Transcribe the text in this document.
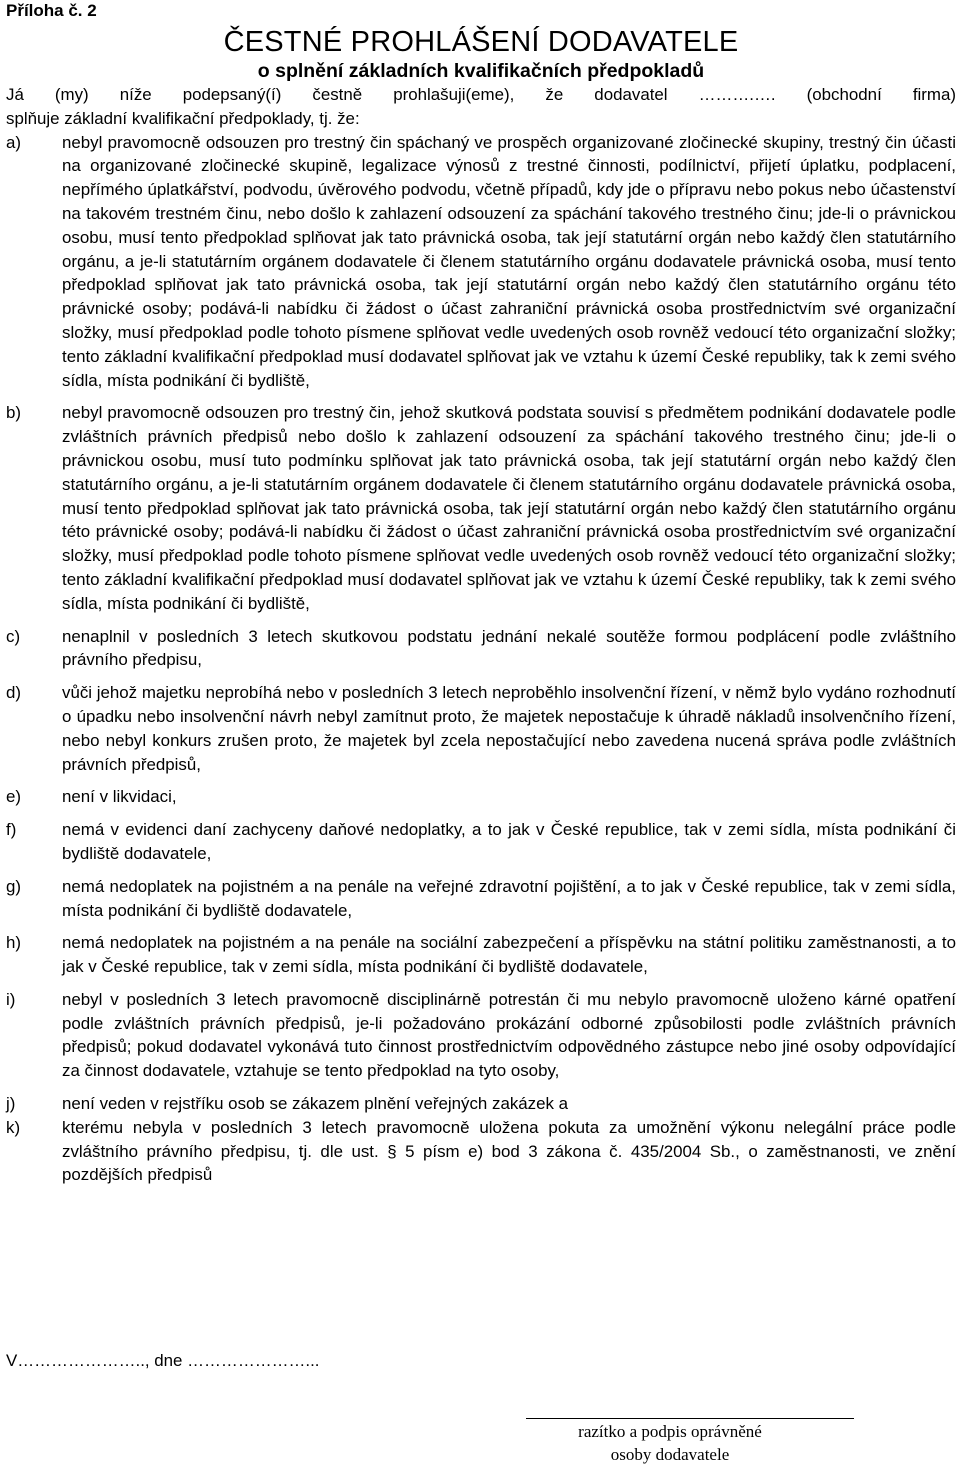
Příloha č. 2
ČESTNÉ PROHLÁŠENÍ DODAVATELE
o splnění základních kvalifikačních předpokladů
Já (my) níže podepsaný(í) čestně prohlašuji(eme), že dodavatel ……….…. (obchodní firma)
splňuje základní kvalifikační předpoklady, tj. že:
a)	nebyl pravomocně odsouzen pro trestný čin spáchaný ve prospěch organizované zločinecké skupiny, trestný čin účasti na organizované zločinecké skupině, legalizace výnosů z trestné činnosti, podílnictví, přijetí úplatku, podplacení, nepřímého úplatkářství, podvodu, úvěrového podvodu, včetně případů, kdy jde o přípravu nebo pokus nebo účastenství na takovém trestném činu, nebo došlo k zahlazení odsouzení za spáchání takového trestného činu; jde-li o právnickou osobu, musí tento předpoklad splňovat jak tato právnická osoba, tak její statutární orgán nebo každý člen statutárního orgánu, a je-li statutárním orgánem dodavatele či členem statutárního orgánu dodavatele právnická osoba, musí tento předpoklad splňovat jak tato právnická osoba, tak její statutární orgán nebo každý člen statutárního orgánu této právnické osoby; podává-li nabídku či žádost o účast zahraniční právnická osoba prostřednictvím své organizační složky, musí předpoklad podle tohoto písmene splňovat vedle uvedených osob rovněž vedoucí této organizační složky; tento základní kvalifikační předpoklad musí dodavatel splňovat jak ve vztahu k území České republiky, tak k zemi svého sídla, místa podnikání či bydliště,
b)	nebyl pravomocně odsouzen pro trestný čin, jehož skutková podstata souvisí s předmětem podnikání dodavatele podle zvláštních právních předpisů nebo došlo k zahlazení odsouzení za spáchání takového trestného činu; jde-li o právnickou osobu, musí tuto podmínku splňovat jak tato právnická osoba, tak její statutární orgán nebo každý člen statutárního orgánu, a je-li statutárním orgánem dodavatele či členem statutárního orgánu dodavatele právnická osoba, musí tento předpoklad splňovat jak tato právnická osoba, tak její statutární orgán nebo každý člen statutárního orgánu této právnické osoby; podává-li nabídku či žádost o účast zahraniční právnická osoba prostřednictvím své organizační složky, musí předpoklad podle tohoto písmene splňovat vedle uvedených osob rovněž vedoucí této organizační složky; tento základní kvalifikační předpoklad musí dodavatel splňovat jak ve vztahu k území České republiky, tak k zemi svého sídla, místa podnikání či bydliště,
c)	nenaplnil v posledních 3 letech skutkovou podstatu jednání nekalé soutěže formou podplácení podle zvláštního právního předpisu,
d)	vůči jehož majetku neprobíhá nebo v posledních 3 letech neproběhlo insolvenční řízení, v němž bylo vydáno rozhodnutí o úpadku nebo insolvenční návrh nebyl zamítnut proto, že majetek nepostačuje k úhradě nákladů insolvenčního řízení, nebo nebyl konkurs zrušen proto, že majetek byl zcela nepostačující nebo zavedena nucená správa podle zvláštních právních předpisů,
e)	není v likvidaci,
f)	nemá v evidenci daní zachyceny daňové nedoplatky, a to jak v České republice, tak v zemi sídla, místa podnikání či bydliště dodavatele,
g)	nemá nedoplatek na pojistném a na penále na veřejné zdravotní pojištění, a to jak v České republice, tak v zemi sídla, místa podnikání či bydliště dodavatele,
h)	nemá nedoplatek na pojistném a na penále na sociální zabezpečení a příspěvku na státní politiku zaměstnanosti, a to jak v České republice, tak v zemi sídla, místa podnikání či bydliště dodavatele,
i)	nebyl v posledních 3 letech pravomocně disciplinárně potrestán či mu nebylo pravomocně uloženo kárné opatření podle zvláštních právních předpisů, je-li požadováno prokázání odborné způsobilosti podle zvláštních právních předpisů; pokud dodavatel vykonává tuto činnost prostřednictvím odpovědného zástupce nebo jiné osoby odpovídající za činnost dodavatele, vztahuje se tento předpoklad na tyto osoby,
j)	není veden v rejstříku osob se zákazem plnění veřejných zakázek a
k)	kterému nebyla v posledních 3 letech pravomocně uložena pokuta za umožnění výkonu nelegální práce podle zvláštního právního předpisu, tj. dle ust. § 5 písm e) bod 3 zákona č. 435/2004 Sb., o zaměstnanosti, ve znění pozdějších předpisů
V………………….., dne …………………...
razítko a podpis oprávněné
osoby dodavatele
